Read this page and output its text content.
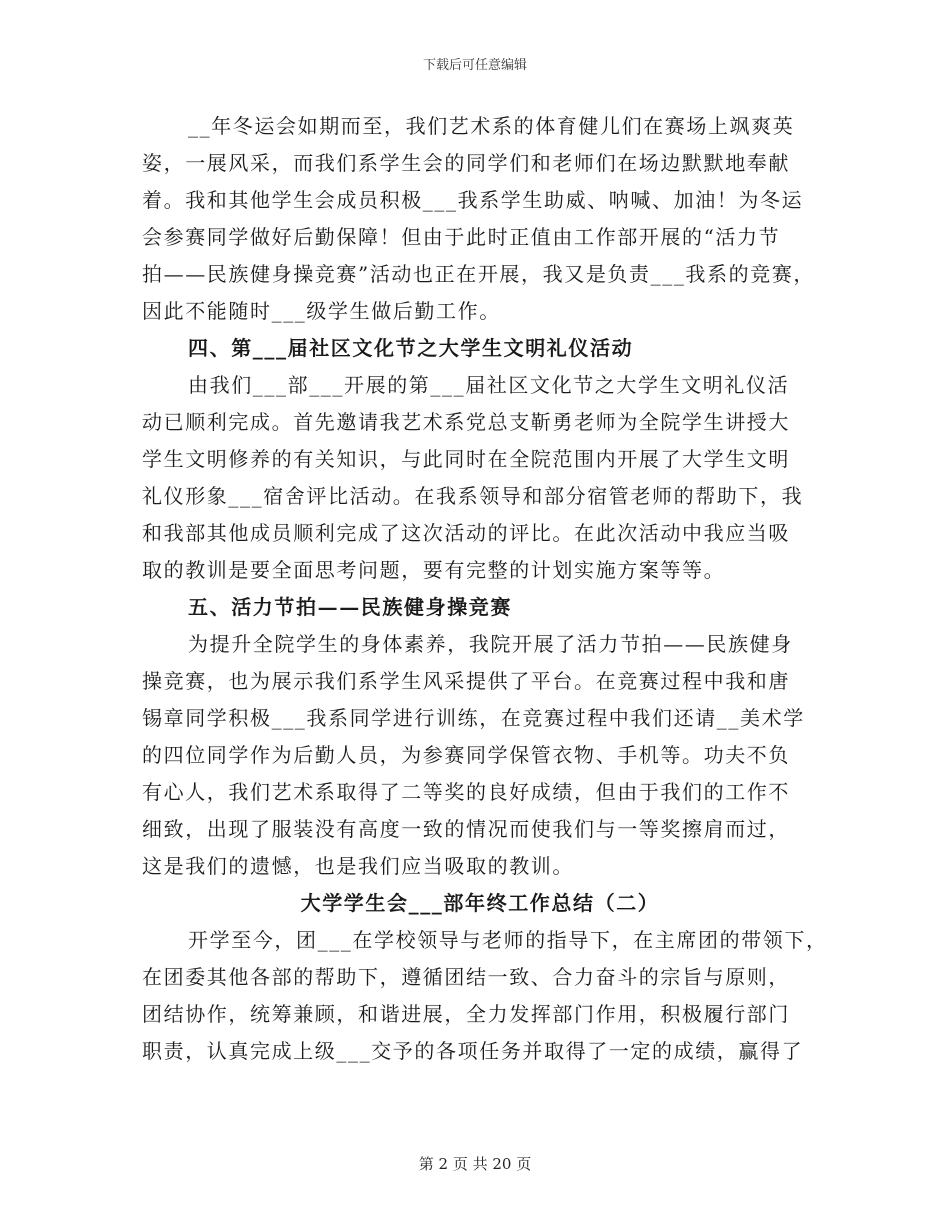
下载后可任意编辑
__年冬运会如期而至，我们艺术系的体育健儿们在赛场上飒爽英
姿，一展风采，而我们系学生会的同学们和老师们在场边默默地奉献
着。我和其他学生会成员积极___我系学生助威、呐喊、加油！为冬运
会参赛同学做好后勤保障！但由于此时正值由工作部开展的“活力节
拍——民族健身操竞赛”活动也正在开展，我又是负责___我系的竞赛，
因此不能随时___级学生做后勤工作。
四、第___届社区文化节之大学生文明礼仪活动
由我们___部___开展的第___届社区文化节之大学生文明礼仪活
动已顺利完成。首先邀请我艺术系党总支靳勇老师为全院学生讲授大
学生文明修养的有关知识，与此同时在全院范围内开展了大学生文明
礼仪形象___宿舍评比活动。在我系领导和部分宿管老师的帮助下，我
和我部其他成员顺利完成了这次活动的评比。在此次活动中我应当吸
取的教训是要全面思考问题，要有完整的计划实施方案等等。
五、活力节拍——民族健身操竞赛
为提升全院学生的身体素养，我院开展了活力节拍——民族健身
操竞赛，也为展示我们系学生风采提供了平台。在竞赛过程中我和唐
锡章同学积极___我系同学进行训练，在竞赛过程中我们还请__美术学
的四位同学作为后勤人员，为参赛同学保管衣物、手机等。功夫不负
有心人，我们艺术系取得了二等奖的良好成绩，但由于我们的工作不
细致，出现了服装没有高度一致的情况而使我们与一等奖擦肩而过，
这是我们的遗憾，也是我们应当吸取的教训。
大学学生会___部年终工作总结（二）
开学至今，团___在学校领导与老师的指导下，在主席团的带领下，
在团委其他各部的帮助下，遵循团结一致、合力奋斗的宗旨与原则，
团结协作，统筹兼顾，和谐进展，全力发挥部门作用，积极履行部门
职责，认真完成上级___交予的各项任务并取得了一定的成绩，赢得了
第 2 页 共 20 页
